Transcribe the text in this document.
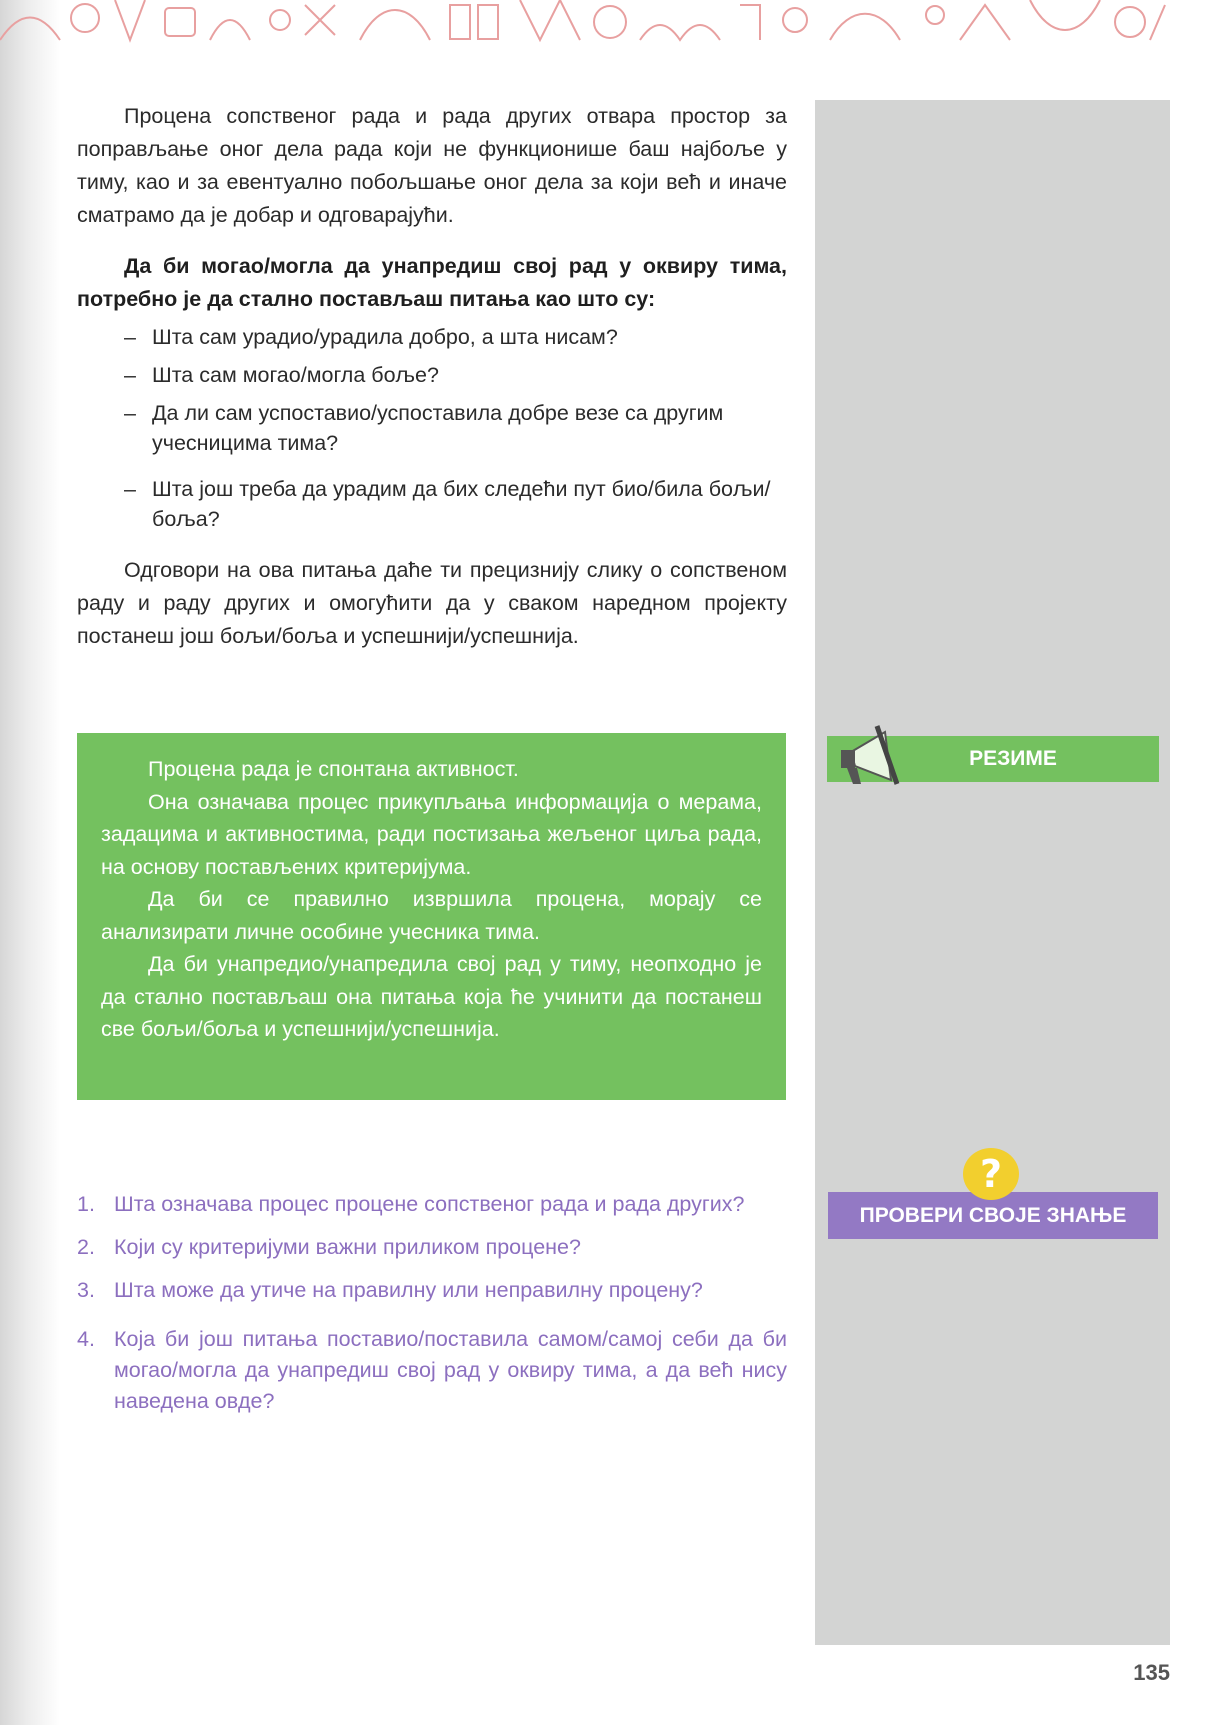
Процена сопственог рада и рада других отвара простор за поправљање оног дела рада који не функционише баш најбоље у тиму, као и за евентуално побољшање оног дела за који већ и иначе сматрамо да је добар и одговарајући.

Да би могао/могла да унапредиш свој рад у оквиру тима, потребно је да стално постављаш питања као што су:

– Шта сам урадио/урадила добро, а шта нисам?
– Шта сам могао/могла боље?
– Да ли сам успоставио/успоставила добре везе са другим учесницима тима?
– Шта још треба да урадим да бих следећи пут био/била бољи/боља?

Одговори на ова питања даће ти прецизнију слику о сопственом раду и раду других и омогућити да у сваком наредном пројекту постанеш још бољи/боља и успешнији/успешнија.

Процена рада је спонтана активност.

Она означава процес прикупљања информација о мерама, задацима и активностима, ради постизања жељеног циља рада, на основу постављених критеријума.

Да би се правилно извршила процена, морају се анализирати личне особине учесника тима.

Да би унапредио/унапредила свој рад у тиму, неопходно је да стално постављаш она питања која ће учинити да постанеш све бољи/боља и успешнији/успешнија.

РЕЗИМЕ
ПРОВЕРИ СВОЈЕ ЗНАЊЕ
?
1. Шта означава процес процене сопственог рада и рада других?
2. Који су критеријуми важни приликом процене?
3. Шта може да утиче на правилну или неправилну процену?
4. Која би још питања поставио/поставила самом/самој себи да би могао/могла да унапредиш свој рад у оквиру тима, а да већ нису наведена овде?
135
